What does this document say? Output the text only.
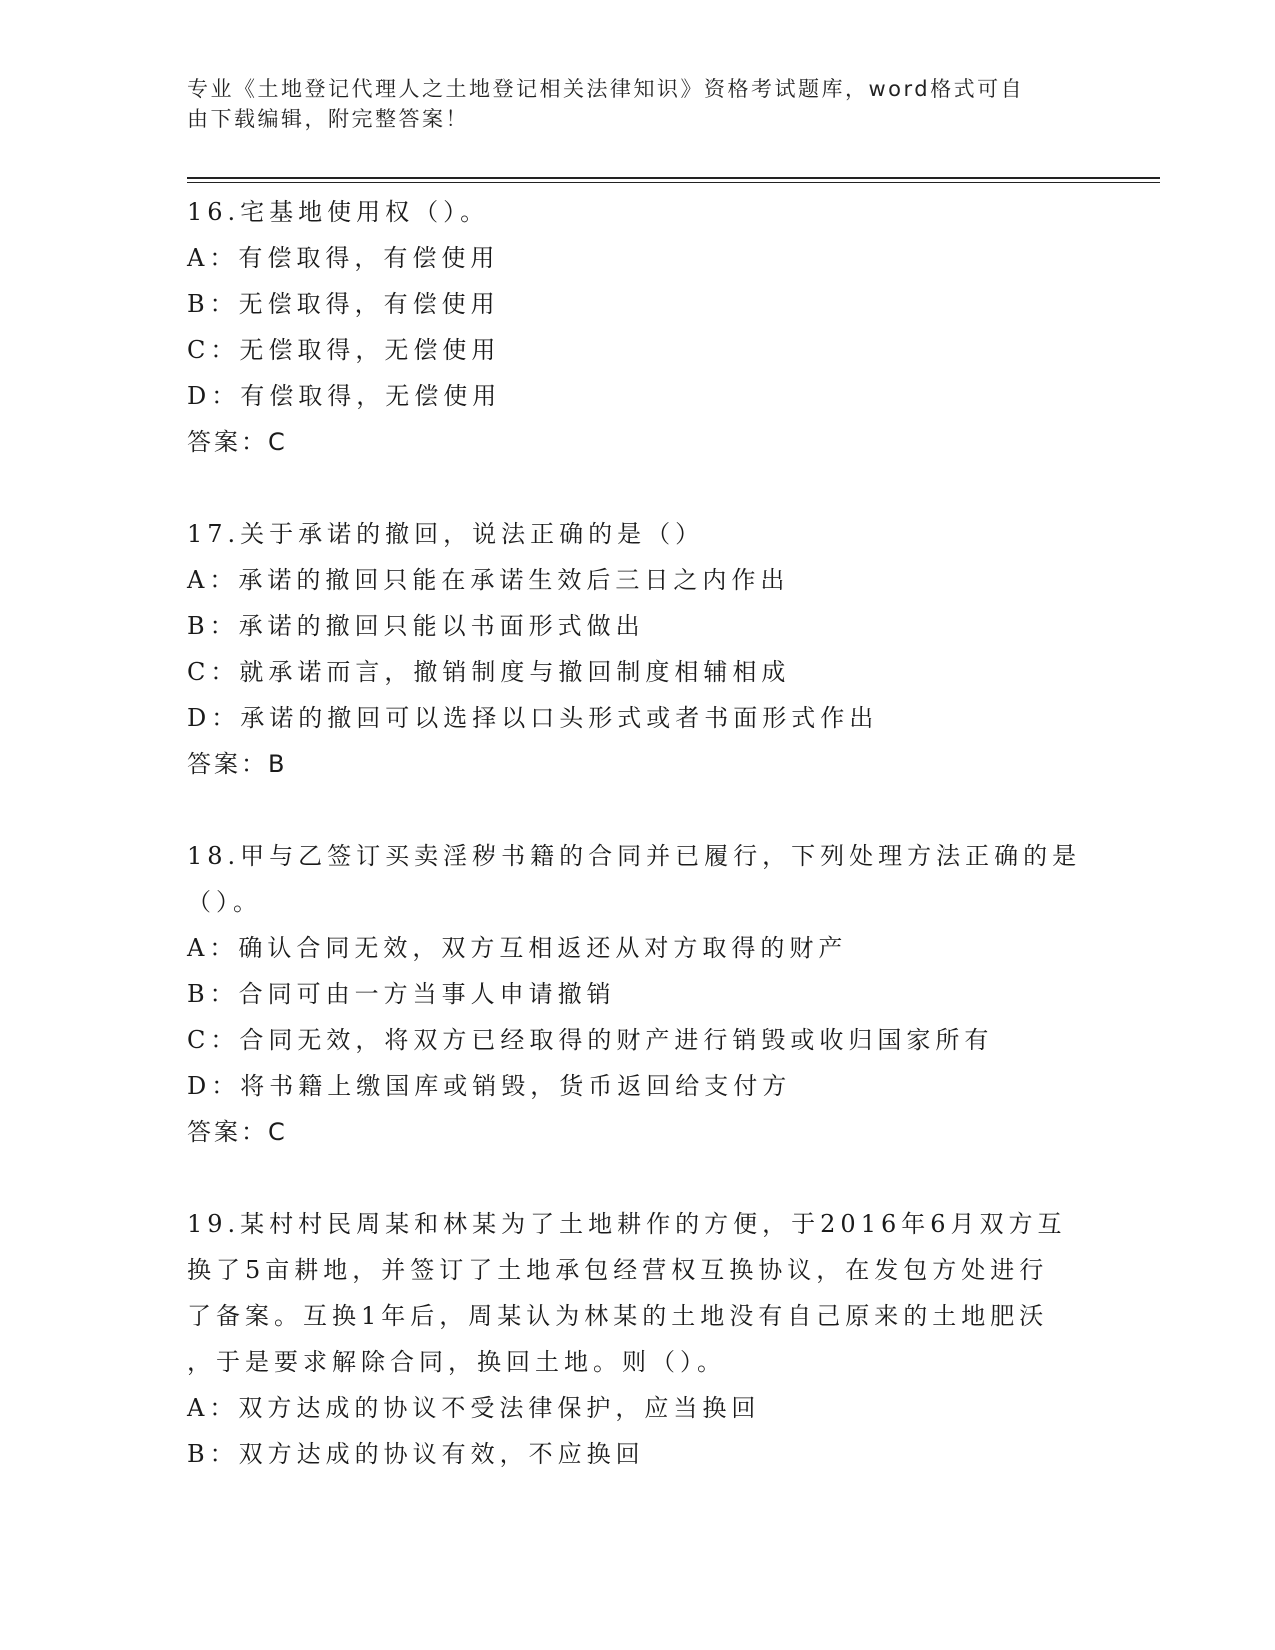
专业《土地登记代理人之土地登记相关法律知识》资格考试题库，word格式可自

由下载编辑，附完整答案！

16.宅基地使用权（）。
A：有偿取得，有偿使用
B：无偿取得，有偿使用
C：无偿取得，无偿使用
D：有偿取得，无偿使用
答案：C
17.关于承诺的撤回，说法正确的是（）
A：承诺的撤回只能在承诺生效后三日之内作出
B：承诺的撤回只能以书面形式做出
C：就承诺而言，撤销制度与撤回制度相辅相成
D：承诺的撤回可以选择以口头形式或者书面形式作出
答案：B
18.甲与乙签订买卖淫秽书籍的合同并已履行，下列处理方法正确的是
（）。
A：确认合同无效，双方互相返还从对方取得的财产
B：合同可由一方当事人申请撤销
C：合同无效，将双方已经取得的财产进行销毁或收归国家所有
D：将书籍上缴国库或销毁，货币返回给支付方
答案：C
19.某村村民周某和林某为了土地耕作的方便，于2016年6月双方互
换了5亩耕地，并签订了土地承包经营权互换协议，在发包方处进行
了备案。互换1年后，周某认为林某的土地没有自己原来的土地肥沃
，于是要求解除合同，换回土地。则（）。
A：双方达成的协议不受法律保护，应当换回
B：双方达成的协议有效，不应换回
